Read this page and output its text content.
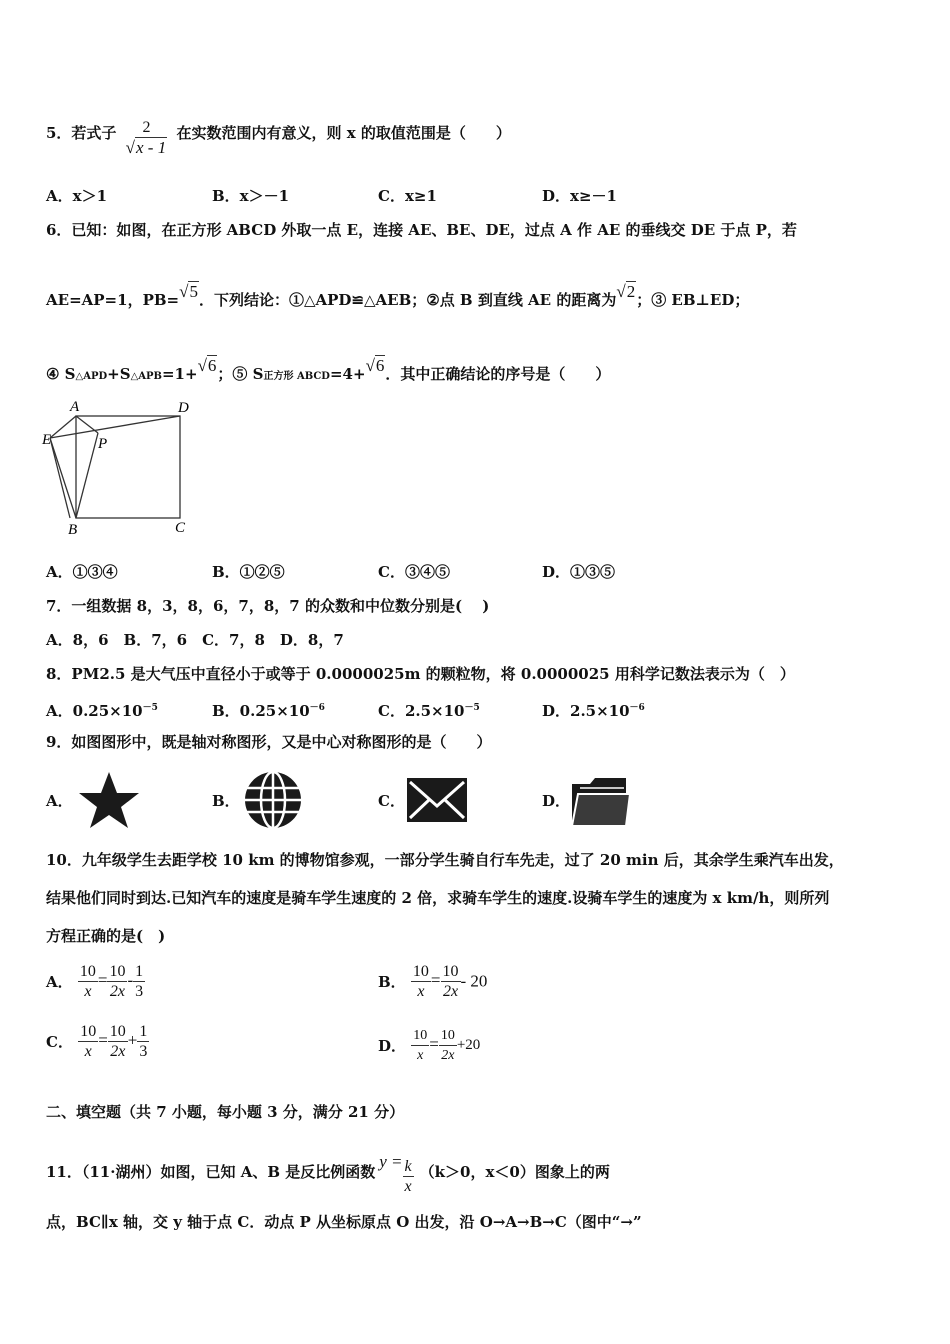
5．若式子 $\frac{2}{√x - 1}$ 在实数范围内有意义，则 x 的取值范围是（　　）
A．x＞1	B．x＞－1	C．x≥1	D．x≥－1
6．已知：如图，在正方形 ABCD 外取一点 E，连接 AE、BE、DE，过点 A 作 AE 的垂线交 DE 于点 P，若
AE=AP=1，PB=√5．下列结论：①△APD≌△AEB；②点 B 到直线 AE 的距离为√2；③ EB⊥ED；
④ S△APD+S△APB=1+√6；⑤ S正方形 ABCD=4+√6．其中正确结论的序号是（　　）
A	D
E	P
B	C
A．①③④	B．①②⑤	C．③④⑤	D．①③⑤
7．一组数据 8，3，8，6，7，8，7 的众数和中位数分别是(　 )
A．8，6　B．7，6　C．7，8　D．8，7
8．PM2.5 是大气压中直径小于或等于 0.0000025m 的颗粒物，将 0.0000025 用科学记数法表示为（　）
A．$0.25\times 10^{-5}$	B．$0.25\times 10^{-6}$	C．$2.5\times 10^{-5}$	D．$2.5\times 10^{-6}$
9．如图图形中，既是轴对称图形，又是中心对称图形的是（　　）
A．	B．	C．	D．
10．九年级学生去距学校 10 km 的博物馆参观，一部分学生骑自行车先走，过了 20 min 后，其余学生乘汽车出发，
结果他们同时到达.已知汽车的速度是骑车学生速度的 2 倍，求骑车学生的速度.设骑车学生的速度为 x km/h，则所列
方程正确的是(　)
A． $\frac{10}{x} = \frac{10}{2x} - \frac{1}{3}$	B． $\frac{10}{x} = \frac{10}{2x} - 20$
C． $\frac{10}{x} = \frac{10}{2x} + \frac{1}{3}$	D． $\frac{10}{x} = \frac{10}{2x} +20$
二、填空题（共 7 小题，每小题 3 分，满分 21 分）
11．（11·湖州）如图，已知 A、B 是反比例函数$y = \frac{k}{x} (k>0$，x＜0）图象上的两
点，BC∥x 轴，交 y 轴于点 C．动点 P 从坐标原点 O 出发，沿 O→A→B→C（图中“→”
